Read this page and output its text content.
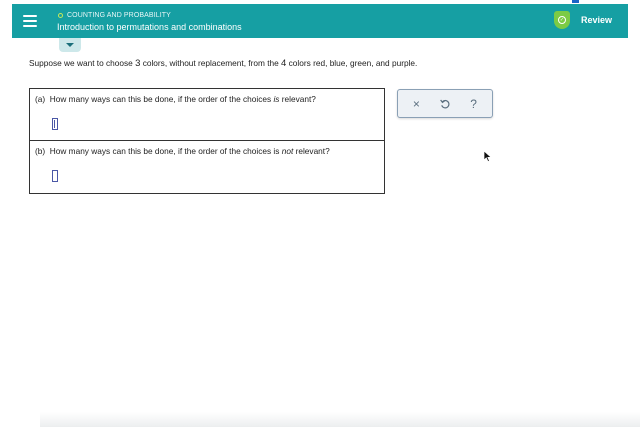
COUNTING AND PROBABILITY
Introduction to permutations and combinations
✓ Review
Suppose we want to choose 3 colors, without replacement, from the 4 colors red, blue, green, and purple.
(a) How many ways can this be done, if the order of the choices is relevant?
(b) How many ways can this be done, if the order of the choices is not relevant?
×	?
